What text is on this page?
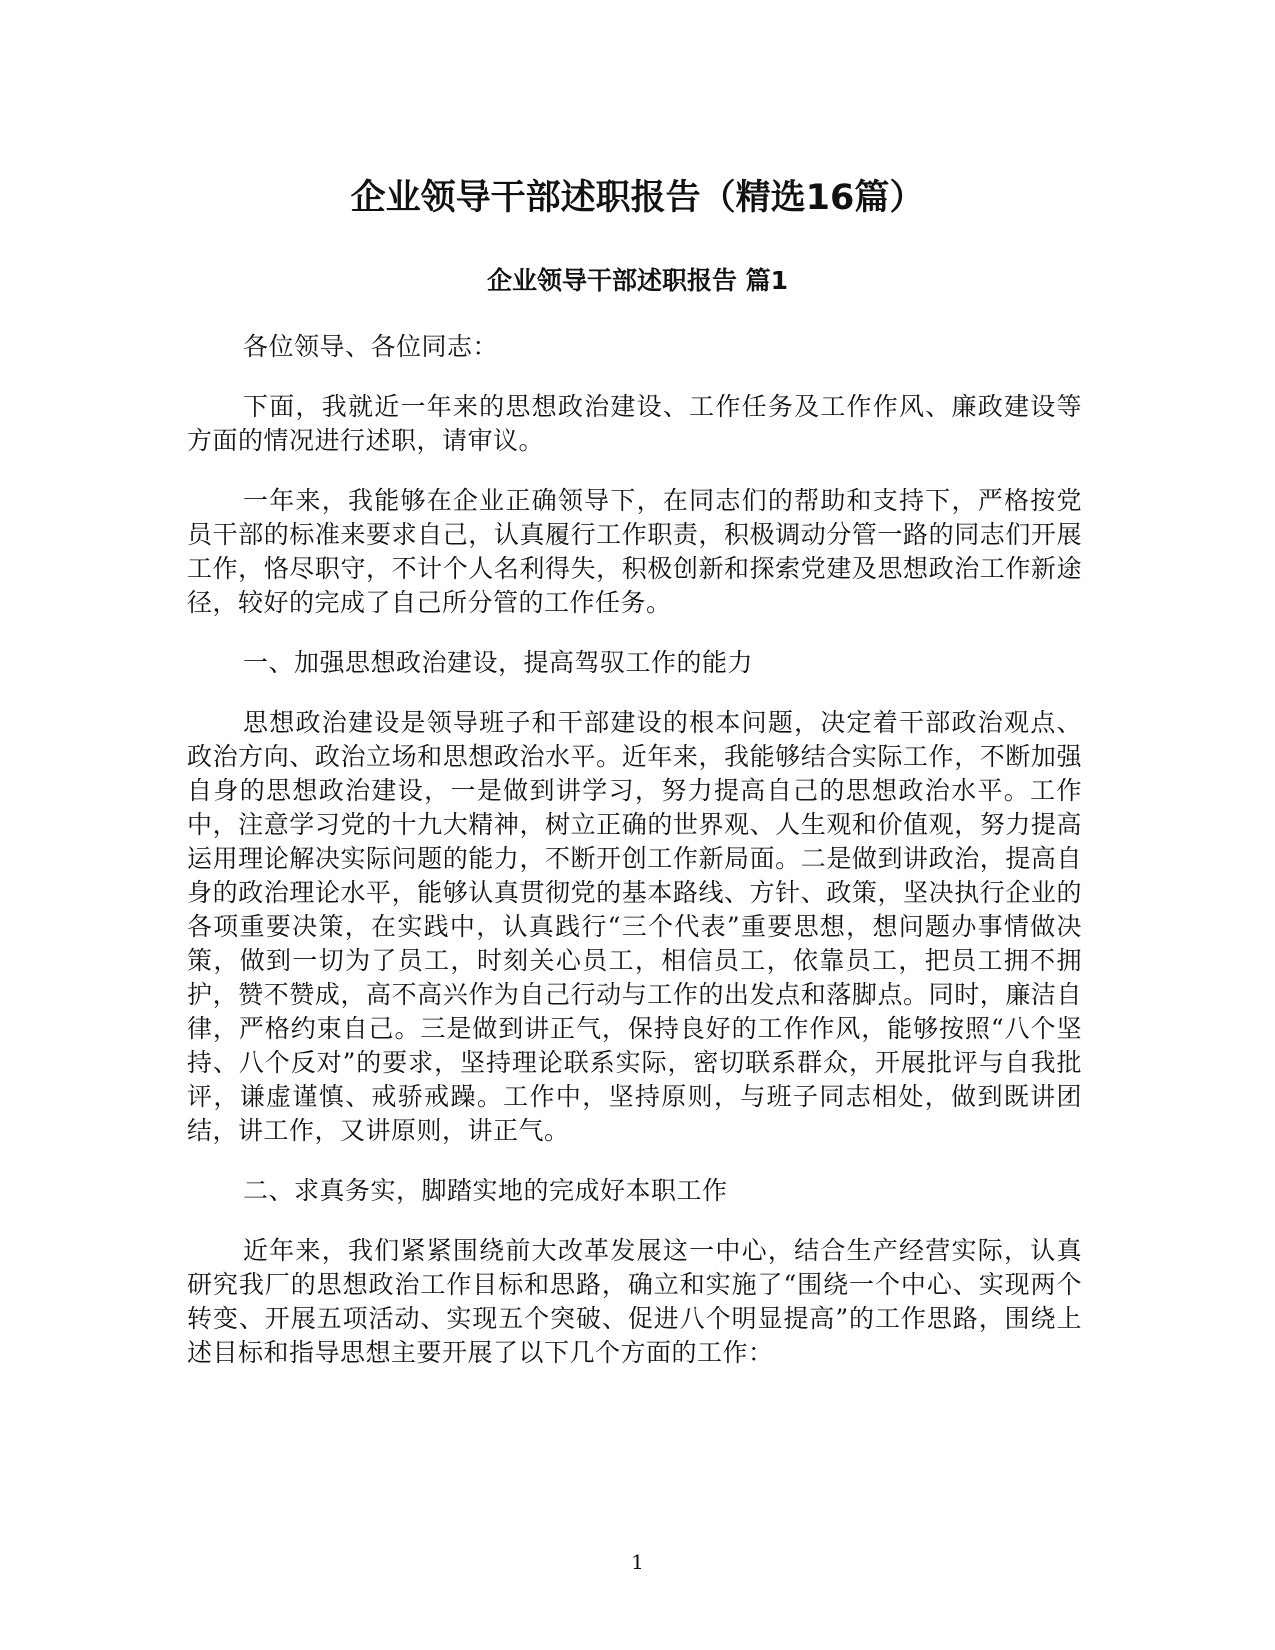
企业领导干部述职报告（精选16篇）
企业领导干部述职报告 篇1

各位领导、各位同志：

下面，我就近一年来的思想政治建设、工作任务及工作作风、廉政建设等方面的情况进行述职，请审议。

一年来，我能够在企业正确领导下，在同志们的帮助和支持下，严格按党员干部的标准来要求自己，认真履行工作职责，积极调动分管一路的同志们开展工作，恪尽职守，不计个人名利得失，积极创新和探索党建及思想政治工作新途径，较好的完成了自己所分管的工作任务。

一、加强思想政治建设，提高驾驭工作的能力

思想政治建设是领导班子和干部建设的根本问题，决定着干部政治观点、政治方向、政治立场和思想政治水平。近年来，我能够结合实际工作，不断加强自身的思想政治建设，一是做到讲学习，努力提高自己的思想政治水平。工作中，注意学习党的十九大精神，树立正确的世界观、人生观和价值观，努力提高运用理论解决实际问题的能力，不断开创工作新局面。二是做到讲政治，提高自身的政治理论水平，能够认真贯彻党的基本路线、方针、政策，坚决执行企业的各项重要决策，在实践中，认真践行“三个代表”重要思想，想问题办事情做决策，做到一切为了员工，时刻关心员工，相信员工，依靠员工，把员工拥不拥护，赞不赞成，高不高兴作为自己行动与工作的出发点和落脚点。同时，廉洁自律，严格约束自己。三是做到讲正气，保持良好的工作作风，能够按照“八个坚持、八个反对”的要求，坚持理论联系实际，密切联系群众，开展批评与自我批评，谦虚谨慎、戒骄戒躁。工作中，坚持原则，与班子同志相处，做到既讲团结，讲工作，又讲原则，讲正气。

二、求真务实，脚踏实地的完成好本职工作

近年来，我们紧紧围绕前大改革发展这一中心，结合生产经营实际，认真研究我厂的思想政治工作目标和思路，确立和实施了“围绕一个中心、实现两个转变、开展五项活动、实现五个突破、促进八个明显提高”的工作思路，围绕上述目标和指导思想主要开展了以下几个方面的工作：

1
